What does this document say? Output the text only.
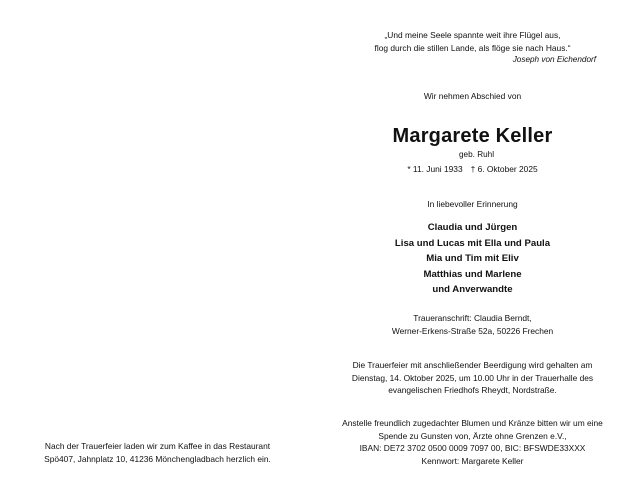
Nach der Trauerfeier laden wir zum Kaffee in das Restaurant
Spö407, Jahnplatz 10, 41236 Mönchengladbach herzlich ein.
„Und meine Seele spannte weit ihre Flügel aus,
flog durch die stillen Lande, als flöge sie nach Haus.“
Joseph von Eichendorf
Wir nehmen Abschied von
Margarete Keller
geb. Ruhl
* 11. Juni 1933 † 6. Oktober 2025
In liebevoller Erinnerung
Claudia und Jürgen
Lisa und Lucas mit Ella und Paula
Mia und Tim mit Eliv
Matthias und Marlene
und Anverwandte
Traueranschrift: Claudia Berndt,
Werner-Erkens-Straße 52a, 50226 Frechen
Die Trauerfeier mit anschließender Beerdigung wird gehalten am
Dienstag, 14. Oktober 2025, um 10.00 Uhr in der Trauerhalle des
evangelischen Friedhofs Rheydt, Nordstraße.
Anstelle freundlich zugedachter Blumen und Kränze bitten wir um eine
Spende zu Gunsten von, Ärzte ohne Grenzen e.V.,
IBAN: DE72 3702 0500 0009 7097 00, BIC: BFSWDE33XXX
Kennwort: Margarete Keller
